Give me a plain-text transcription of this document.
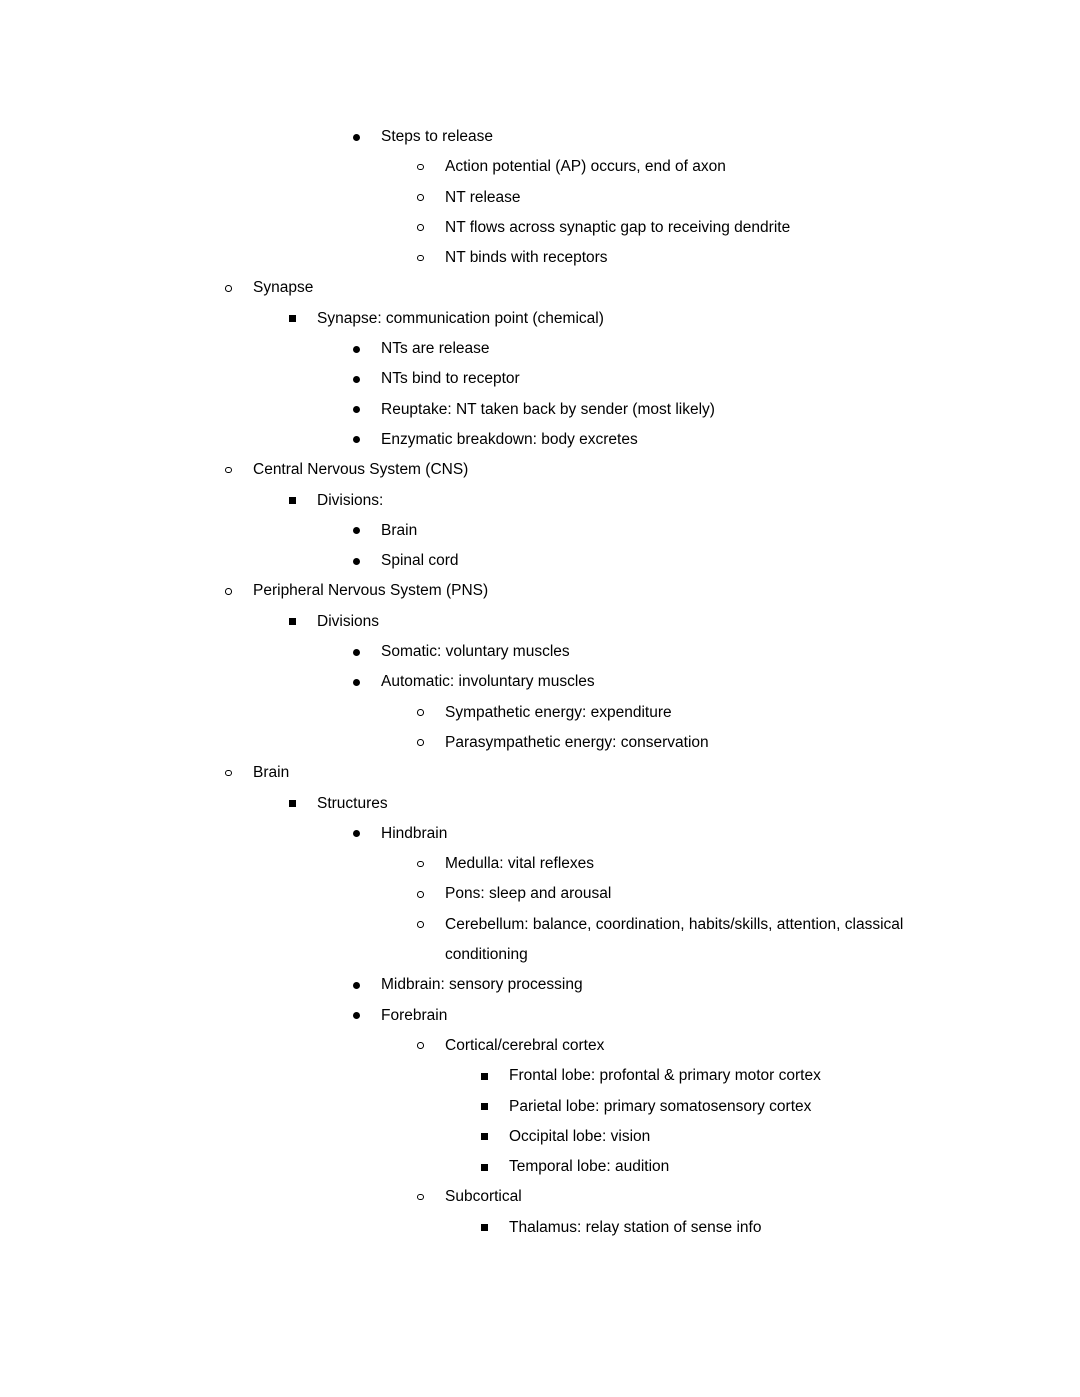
Steps to release
Action potential (AP) occurs, end of axon
NT release
NT flows across synaptic gap to receiving dendrite
NT binds with receptors
Synapse
Synapse: communication point (chemical)
NTs are release
NTs bind to receptor
Reuptake: NT taken back by sender (most likely)
Enzymatic breakdown: body excretes
Central Nervous System (CNS)
Divisions:
Brain
Spinal cord
Peripheral Nervous System (PNS)
Divisions
Somatic: voluntary muscles
Automatic: involuntary muscles
Sympathetic energy: expenditure
Parasympathetic energy: conservation
Brain
Structures
Hindbrain
Medulla: vital reflexes
Pons: sleep and arousal
Cerebellum: balance, coordination, habits/skills, attention, classical conditioning
Midbrain: sensory processing
Forebrain
Cortical/cerebral cortex
Frontal lobe: profontal & primary motor cortex
Parietal lobe: primary somatosensory cortex
Occipital lobe: vision
Temporal lobe: audition
Subcortical
Thalamus: relay station of sense info
